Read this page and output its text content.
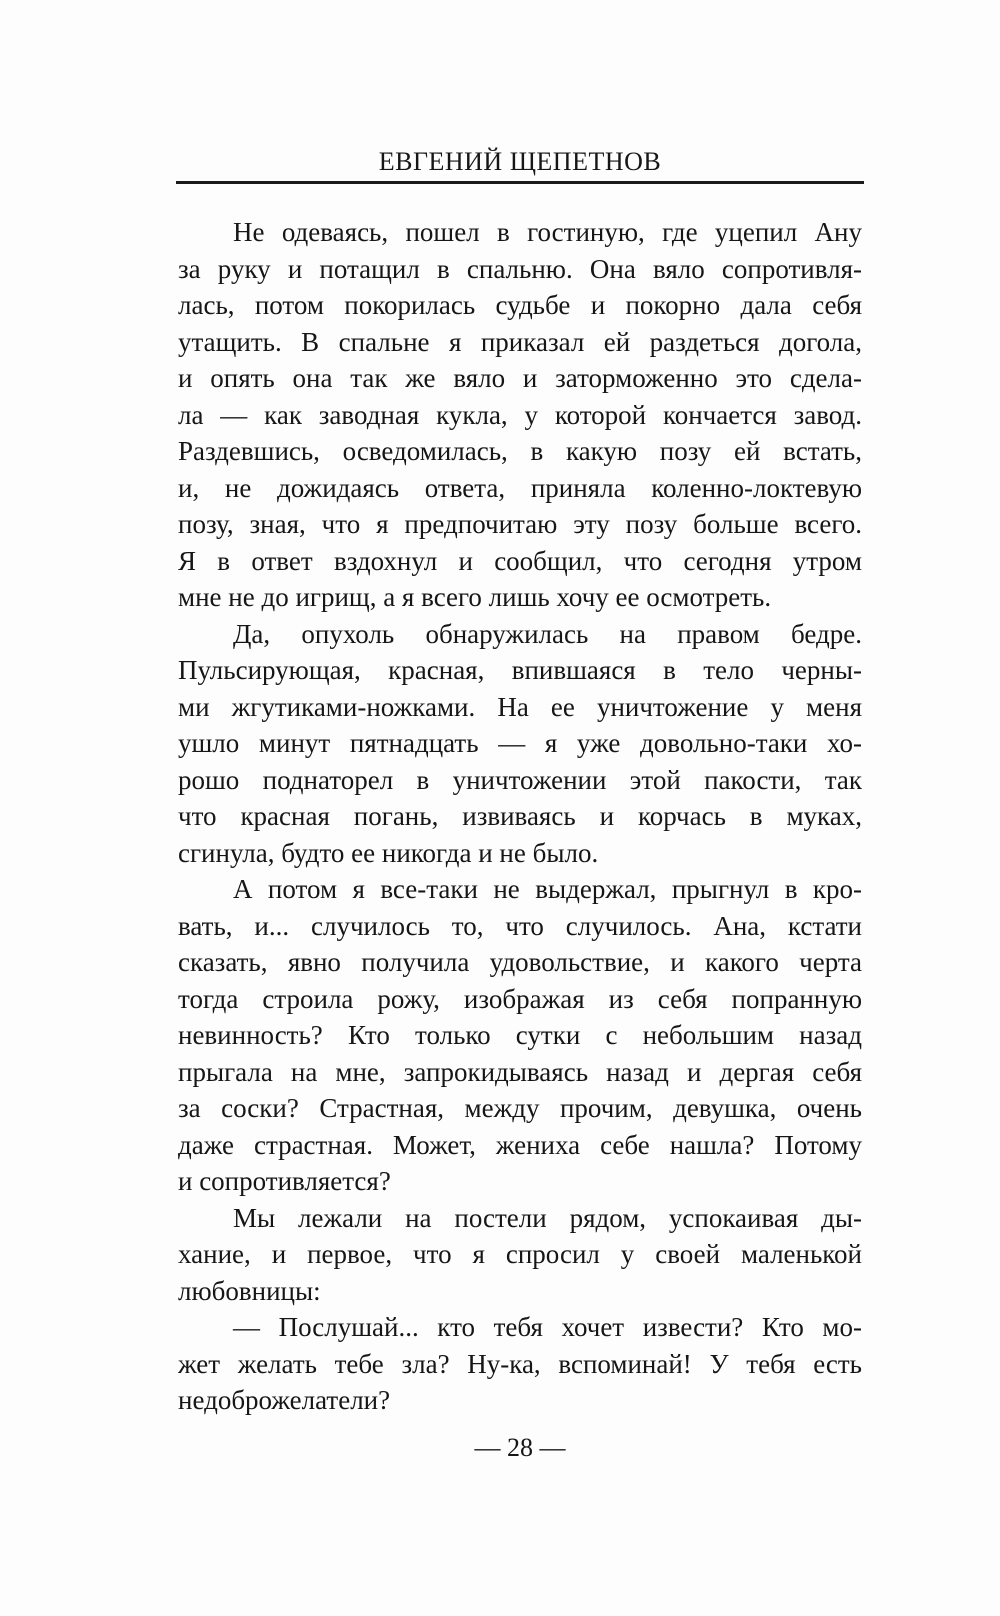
ЕВГЕНИЙ ЩЕПЕТНОВ
Не одеваясь, пошел в гостиную, где уцепил Ану
за руку и потащил в спальню. Она вяло сопротивля-
лась, потом покорилась судьбе и покорно дала себя
утащить. В спальне я приказал ей раздеться догола,
и опять она так же вяло и заторможенно это сдела-
ла — как заводная кукла, у которой кончается завод.
Раздевшись, осведомилась, в какую позу ей встать,
и, не дожидаясь ответа, приняла коленно-локтевую
позу, зная, что я предпочитаю эту позу больше всего.
Я в ответ вздохнул и сообщил, что сегодня утром
мне не до игрищ, а я всего лишь хочу ее осмотреть.
Да, опухоль обнаружилась на правом бедре.
Пульсирующая, красная, впившаяся в тело черны-
ми жгутиками-ножками. На ее уничтожение у меня
ушло минут пятнадцать — я уже довольно-таки хо-
рошо поднаторел в уничтожении этой пакости, так
что красная погань, извиваясь и корчась в муках,
сгинула, будто ее никогда и не было.
А потом я все-таки не выдержал, прыгнул в кро-
вать, и... случилось то, что случилось. Ана, кстати
сказать, явно получила удовольствие, и какого черта
тогда строила рожу, изображая из себя попранную
невинность? Кто только сутки с небольшим назад
прыгала на мне, запрокидываясь назад и дергая себя
за соски? Страстная, между прочим, девушка, очень
даже страстная. Может, жениха себе нашла? Потому
и сопротивляется?
Мы лежали на постели рядом, успокаивая ды-
хание, и первое, что я спросил у своей маленькой
любовницы:
— Послушай... кто тебя хочет извести? Кто мо-
жет желать тебе зла? Ну-ка, вспоминай! У тебя есть
недоброжелатели?
— 28 —
